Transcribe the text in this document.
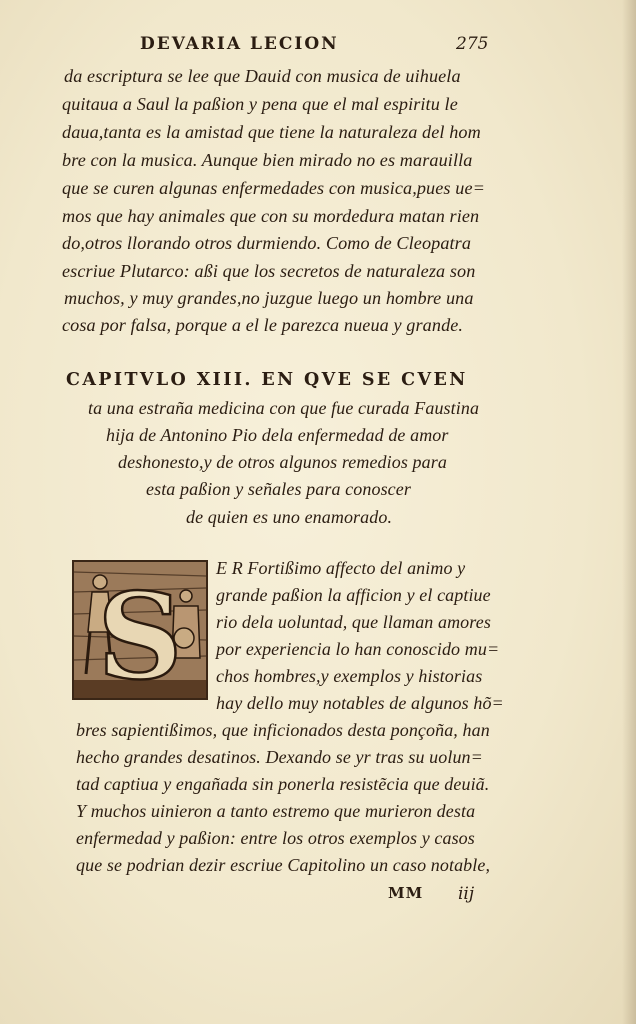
DEVARIA LECION	275
da escriptura se lee que Dauid con musica de uihuela
quitaua a Saul la paßion y pena que el mal espiritu le
daua,tanta es la amistad que tiene la naturaleza del hom
bre con la musica. Aunque bien mirado no es marauilla
que se curen algunas enfermedades con musica,pues ue=
mos que hay animales que con su mordedura matan rien
do,otros llorando otros durmiendo. Como de Cleopatra
escriue Plutarco: aßi que los secretos de naturaleza son
muchos, y muy grandes,no juzgue luego un hombre una
cosa por falsa, porque a el le parezca nueua y grande.
CAPITVLO XIII. EN QVE SE CVEN
ta una estraña medicina con que fue curada Faustina
hija de Antonino Pio dela enfermedad de amor
deshonesto,y de otros algunos remedios para
esta paßion y señales para conoscer
de quien es uno enamorado.
S E R Fortißimo affecto del animo y
grande paßion la afficion y el captiue
rio dela uoluntad, que llaman amores
por experiencia lo han conoscido mu=
chos hombres,y exemplos y historias
hay dello muy notables de algunos hõ=
bres sapientißimos, que inficionados desta ponçoña, han
hecho grandes desatinos. Dexando se yr tras su uolun=
tad captiua y engañada sin ponerla resistẽcia que deuiã.
Y muchos uinieron a tanto estremo que murieron desta
enfermedad y paßion: entre los otros exemplos y casos
que se podrian dezir escriue Capitolino un caso notable,
MM iij
